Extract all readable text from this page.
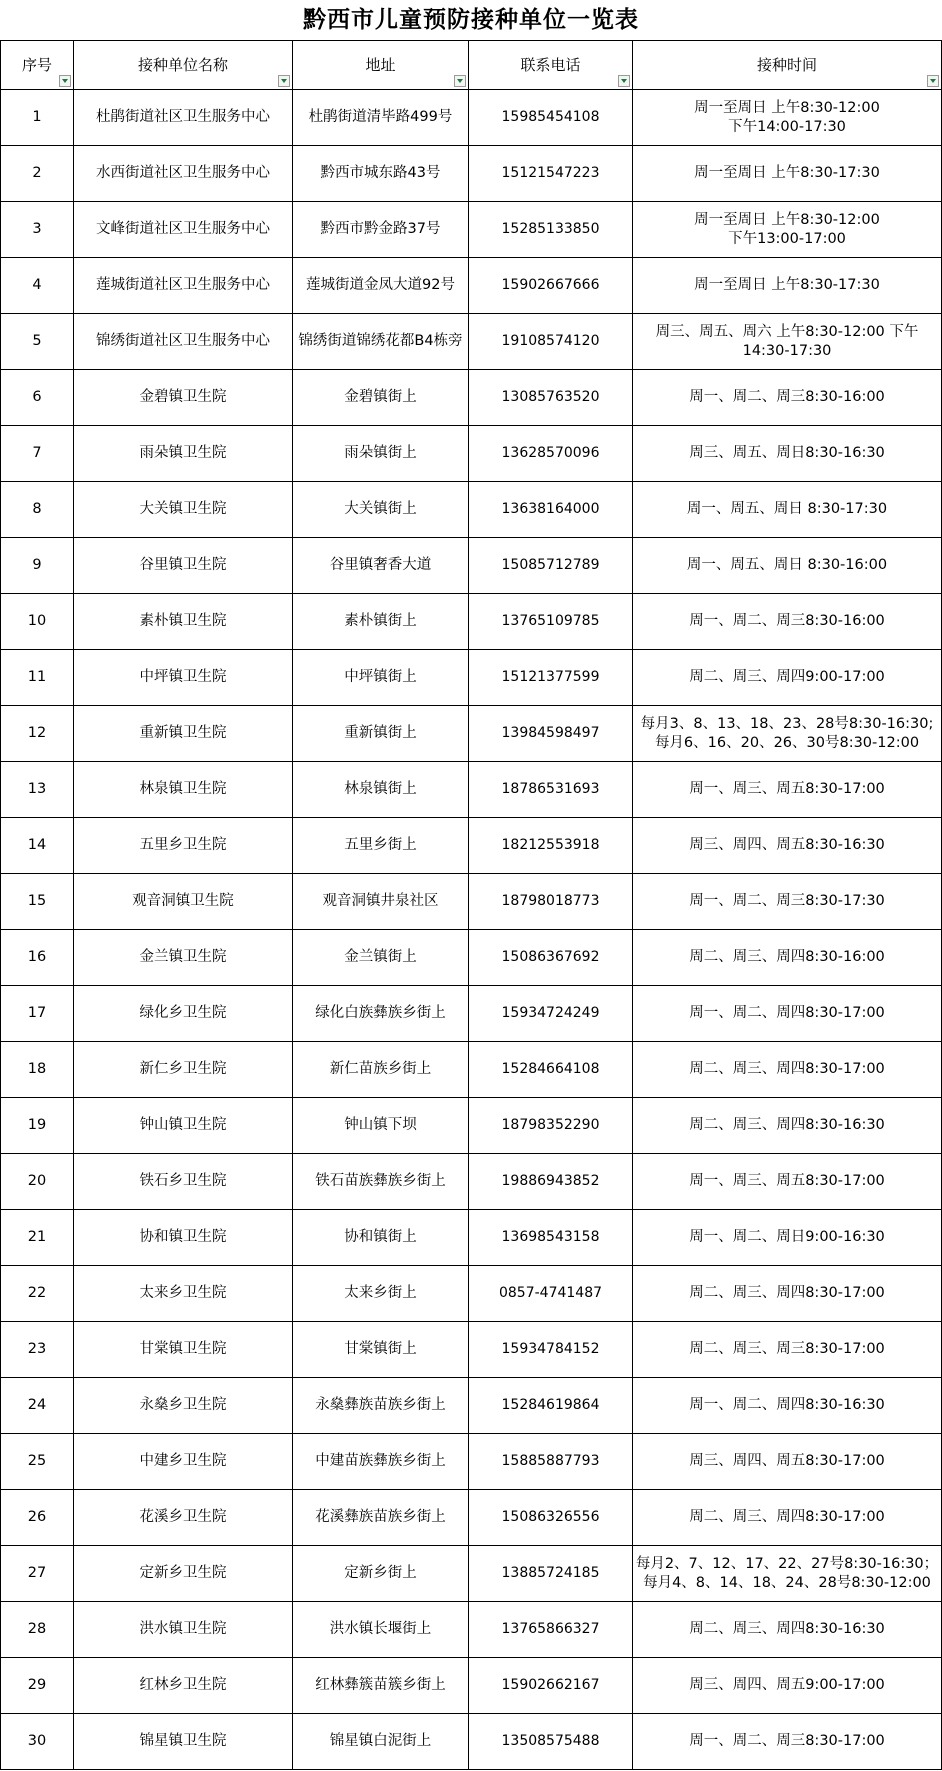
黔西市儿童预防接种单位一览表
序号	接种单位名称	地址	联系电话	接种时间

1	杜鹃街道社区卫生服务中心	杜鹃街道清毕路499号	15985454108	周一至周日 上午8:30-12:00
下午14:00-17:30
2	水西街道社区卫生服务中心	黔西市城东路43号	15121547223	周一至周日 上午8:30-17:30
3	文峰街道社区卫生服务中心	黔西市黔金路37号	15285133850	周一至周日 上午8:30-12:00
下午13:00-17:00
4	莲城街道社区卫生服务中心	莲城街道金凤大道92号	15902667666	周一至周日 上午8:30-17:30
5	锦绣街道社区卫生服务中心	锦绣街道锦绣花都B4栋旁	19108574120	周三、周五、周六 上午8:30-12:00 下午14:30-17:30
6	金碧镇卫生院	金碧镇街上	13085763520	周一、周二、周三8:30-16:00
7	雨朵镇卫生院	雨朵镇街上	13628570096	周三、周五、周日8:30-16:30
8	大关镇卫生院	大关镇街上	13638164000	周一、周五、周日 8:30-17:30
9	谷里镇卫生院	谷里镇奢香大道	15085712789	周一、周五、周日 8:30-16:00
10	素朴镇卫生院	素朴镇街上	13765109785	周一、周二、周三8:30-16:00
11	中坪镇卫生院	中坪镇街上	15121377599	周二、周三、周四9:00-17:00
12	重新镇卫生院	重新镇街上	13984598497	每月3、8、13、18、23、28号8:30-16:30;每月6、16、20、26、30号8:30-12:00
13	林泉镇卫生院	林泉镇街上	18786531693	周一、周三、周五8:30-17:00
14	五里乡卫生院	五里乡街上	18212553918	周三、周四、周五8:30-16:30
15	观音洞镇卫生院	观音洞镇井泉社区	18798018773	周一、周二、周三8:30-17:30
16	金兰镇卫生院	金兰镇街上	15086367692	周二、周三、周四8:30-16:00
17	绿化乡卫生院	绿化白族彝族乡街上	15934724249	周一、周二、周四8:30-17:00
18	新仁乡卫生院	新仁苗族乡街上	15284664108	周二、周三、周四8:30-17:00
19	钟山镇卫生院	钟山镇下坝	18798352290	周二、周三、周四8:30-16:30
20	铁石乡卫生院	铁石苗族彝族乡街上	19886943852	周一、周三、周五8:30-17:00
21	协和镇卫生院	协和镇街上	13698543158	周一、周二、周日9:00-16:30
22	太来乡卫生院	太来乡街上	0857-4741487	周二、周三、周四8:30-17:00
23	甘棠镇卫生院	甘棠镇街上	15934784152	周二、周三、周三8:30-17:00
24	永燊乡卫生院	永燊彝族苗族乡街上	15284619864	周一、周二、周四8:30-16:30
25	中建乡卫生院	中建苗族彝族乡街上	15885887793	周三、周四、周五8:30-17:00
26	花溪乡卫生院	花溪彝族苗族乡街上	15086326556	周二、周三、周四8:30-17:00
27	定新乡卫生院	定新乡街上	13885724185	每月2、7、12、17、22、27号8:30-16:30；每月4、8、14、18、24、28号8:30-12:00
28	洪水镇卫生院	洪水镇长堰街上	13765866327	周二、周三、周四8:30-16:30
29	红林乡卫生院	红林彝簇苗簇乡街上	15902662167	周三、周四、周五9:00-17:00
30	锦星镇卫生院	锦星镇白泥街上	13508575488	周一、周二、周三8:30-17:00
